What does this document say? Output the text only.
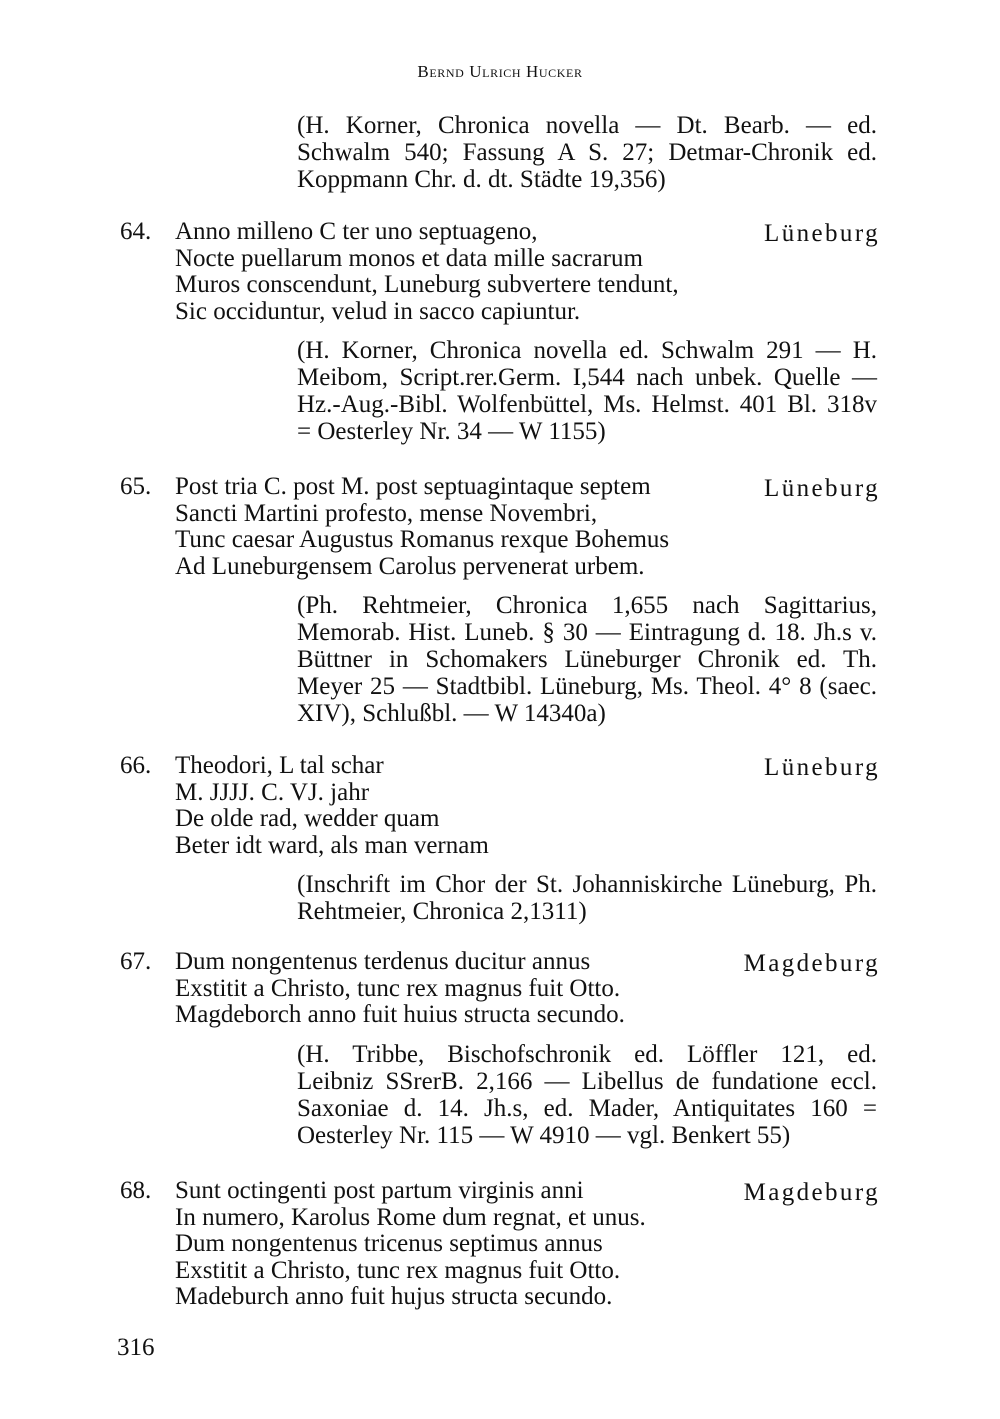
Bernd Ulrich Hucker
(H. Korner, Chronica novella — Dt. Bearb. — ed.
Schwalm 540; Fassung A S. 27; Detmar-Chronik ed.
Koppmann Chr. d. dt. Städte 19,356)
64. Anno milleno C ter uno septuageno,
Nocte puellarum monos et data mille sacrarum
Muros conscendunt, Luneburg subvertere tendunt,
Sic occiduntur, velud in sacco capiuntur.
Lüneburg
(H. Korner, Chronica novella ed. Schwalm 291 — H.
Meibom, Script.rer.Germ. I,544 nach unbek. Quelle —
Hz.-Aug.-Bibl. Wolfenbüttel, Ms. Helmst. 401 Bl. 318v
= Oesterley Nr. 34 — W 1155)
65. Post tria C. post M. post septuagintaque septem
Sancti Martini profesto, mense Novembri,
Tunc caesar Augustus Romanus rexque Bohemus
Ad Luneburgensem Carolus pervenerat urbem.
Lüneburg
(Ph. Rehtmeier, Chronica 1,655 nach Sagittarius,
Memorab. Hist. Luneb. § 30 — Eintragung d. 18. Jh.s v.
Büttner in Schomakers Lüneburger Chronik ed. Th.
Meyer 25 — Stadtbibl. Lüneburg, Ms. Theol. 4° 8 (saec.
XIV), Schlußbl. — W 14340a)
66. Theodori, L tal schar
M. JJJJ. C. VJ. jahr
De olde rad, wedder quam
Beter idt ward, als man vernam
Lüneburg
(Inschrift im Chor der St. Johanniskirche Lüneburg, Ph.
Rehtmeier, Chronica 2,1311)
67. Dum nongentenus terdenus ducitur annus
Exstitit a Christo, tunc rex magnus fuit Otto.
Magdeborch anno fuit huius structa secundo.
Magdeburg
(H. Tribbe, Bischofschronik ed. Löffler 121, ed.
Leibniz SSrerB. 2,166 — Libellus de fundatione eccl.
Saxoniae d. 14. Jh.s, ed. Mader, Antiquitates 160 =
Oesterley Nr. 115 — W 4910 — vgl. Benkert 55)
68. Sunt octingenti post partum virginis anni
In numero, Karolus Rome dum regnat, et unus.
Dum nongentenus tricenus septimus annus
Exstitit a Christo, tunc rex magnus fuit Otto.
Madeburch anno fuit hujus structa secundo.
Magdeburg
316
